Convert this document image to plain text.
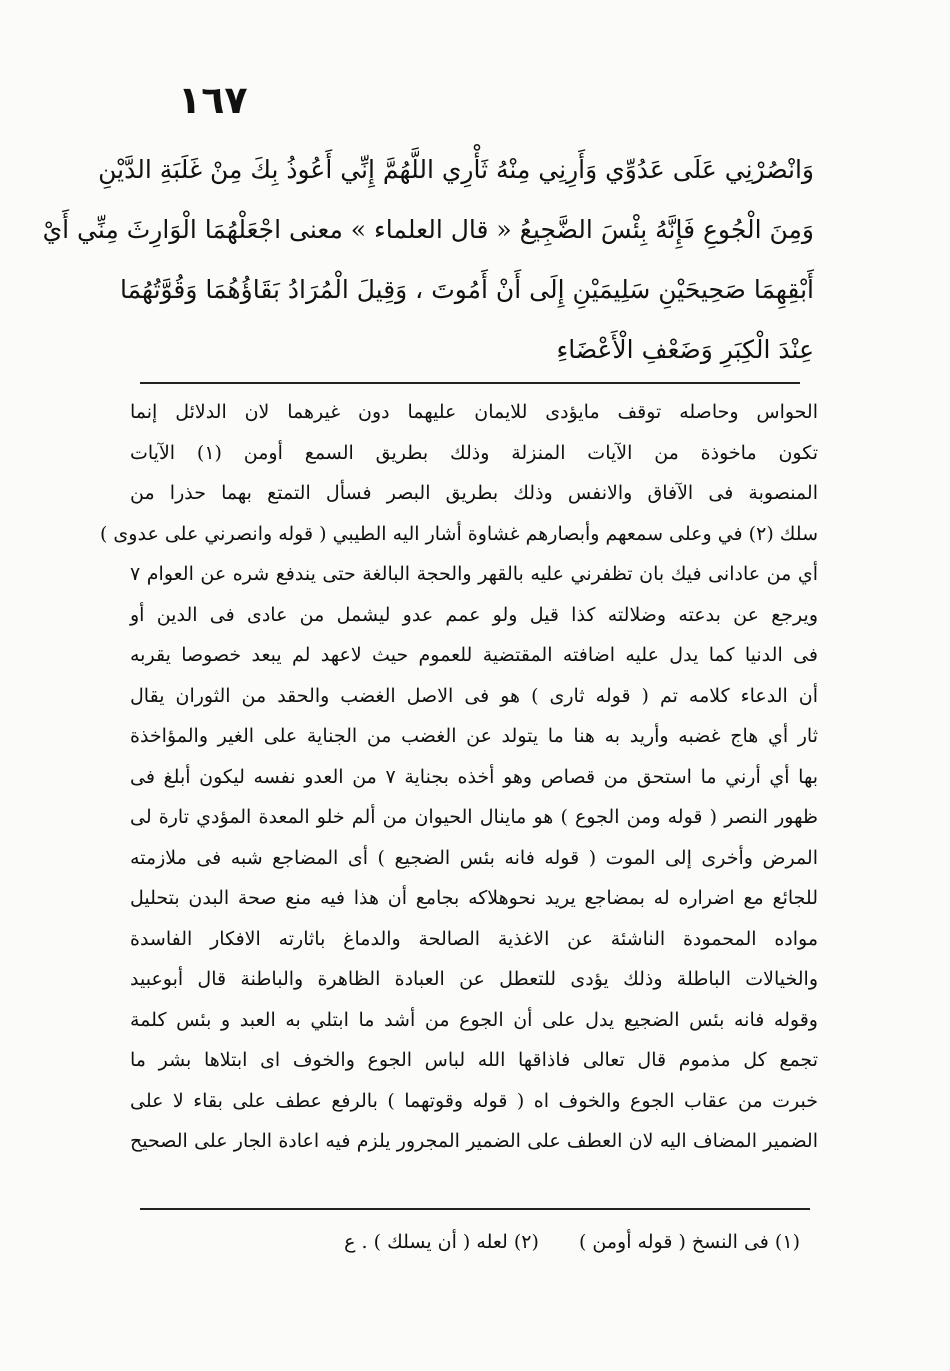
١٦٧
وَانْصُرْنِي عَلَى عَدُوِّي وَأَرِنِي مِنْهُ ثَأْرِي اللَّهُمَّ إِنِّي أَعُوذُ بِكَ مِنْ غَلَبَةِ الدَّيْنِ
وَمِنَ الْجُوعِ فَإِنَّهُ بِئْسَ الضَّجِيعُ « قال العلماء » معنى اجْعَلْهُمَا الْوَارِثَ مِنِّي أَيْ
أَبْقِهِمَا صَحِيحَيْنِ سَلِيمَيْنِ إِلَى أَنْ أَمُوتَ ، وَقِيلَ الْمُرَادُ بَقَاؤُهُمَا وَقُوَّتُهُمَا
عِنْدَ الْكِبَرِ وَضَعْفِ الْأَعْضَاءِ
الحواس وحاصله توقف مايؤدى للايمان عليهما دون غيرهما لان الدلائل إنما
تكون ماخوذة من الآيات المنزلة وذلك بطريق السمع أومن (١) الآيات
المنصوبة فى الآفاق والانفس وذلك بطريق البصر فسأل التمتع بهما حذرا من
سلك (٢) في وعلى سمعهم وأبصارهم غشاوة أشار اليه الطيبي ( قوله وانصرني على عدوى )
أي من عادانى فيك بان تظفرني عليه بالقهر والحجة البالغة حتى يندفع شره عن العوام ٧
ويرجع عن بدعته وضلالته كذا قيل ولو عمم عدو ليشمل من عادى فى الدين أو
فى الدنيا كما يدل عليه اضافته المقتضية للعموم حيث لاعهد لم يبعد خصوصا يقربه
أن الدعاء كلامه تم ( قوله ثارى ) هو فى الاصل الغضب والحقد من الثوران يقال
ثار أي هاج غضبه وأريد به هنا ما يتولد عن الغضب من الجناية على الغير والمؤاخذة
بها أي أرني ما استحق من قصاص وهو أخذه بجناية ٧ من العدو نفسه ليكون أبلغ فى
ظهور النصر ( قوله ومن الجوع ) هو ماينال الحيوان من ألم خلو المعدة المؤدي تارة لى
المرض وأخرى إلى الموت ( قوله فانه بئس الضجيع ) أى المضاجع شبه فى ملازمته
للجائع مع اضراره له بمضاجع يريد نحوهلاكه بجامع أن هذا فيه منع صحة البدن بتحليل
مواده المحمودة الناشئة عن الاغذية الصالحة والدماغ باثارته الافكار الفاسدة
والخيالات الباطلة وذلك يؤدى للتعطل عن العبادة الظاهرة والباطنة قال أبوعبيد
وقوله فانه بئس الضجيع يدل على أن الجوع من أشد ما ابتلي به العبد و بئس كلمة
تجمع كل مذموم قال تعالى فاذاقها الله لباس الجوع والخوف اى ابتلاها بشر ما
خبرت من عقاب الجوع والخوف اه ( قوله وقوتهما ) بالرفع عطف على بقاء لا على
الضمير المضاف اليه لان العطف على الضمير المجرور يلزم فيه اعادة الجار على الصحيح
(١) فى النسخ ( قوله أومن ) (٢) لعله ( أن يسلك ) . ع
